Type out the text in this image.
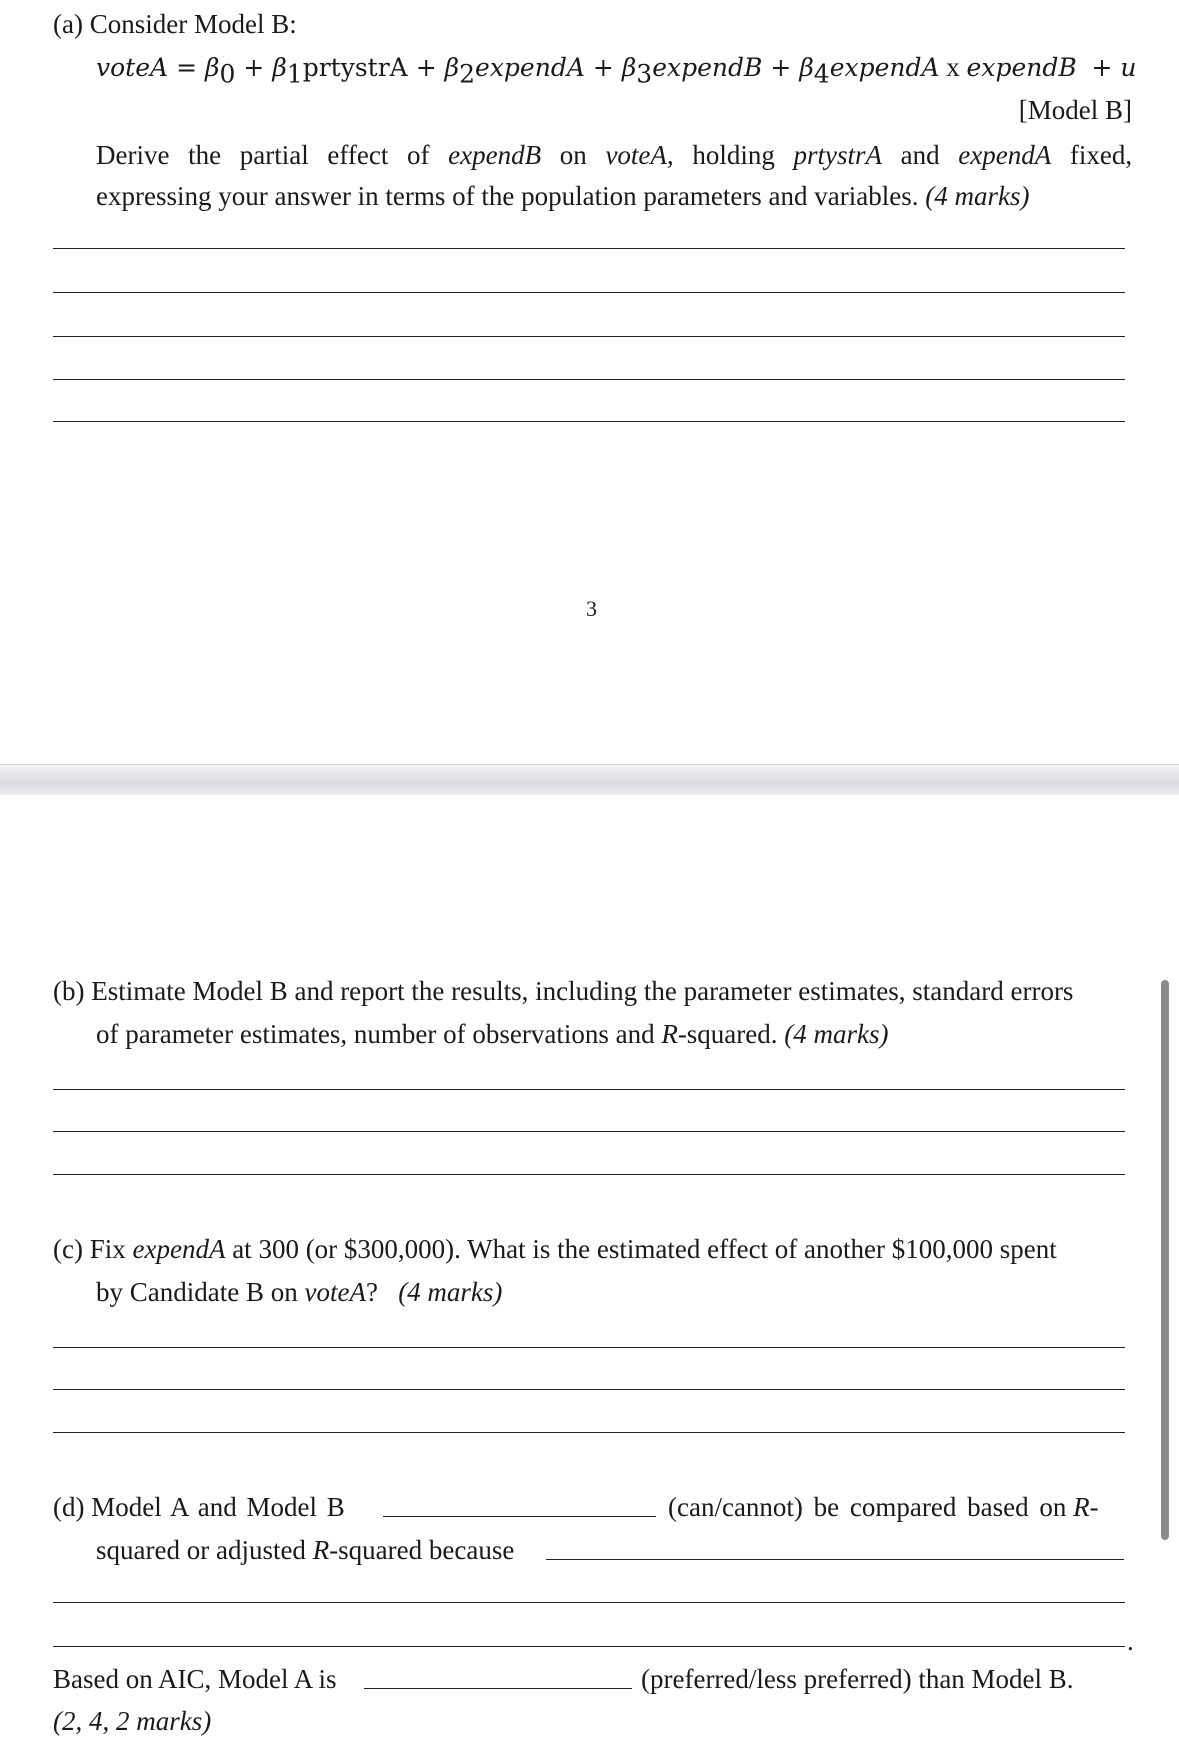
(a) Consider Model B:
voteA = $\beta_0$ + $\beta_1prtystrA$ + $\beta_2expendA$ + $\beta_3expendB$ + $\beta_4expendA$ x expendB + u
[Model B]
Derive the partial effect of expendB on voteA, holding prtystrA and expendA fixed,
expressing your answer in terms of the population parameters and variables. (4 marks)
3
(b) Estimate Model B and report the results, including the parameter estimates, standard errors
of parameter estimates, number of observations and R-squared. (4 marks)
(c) Fix expendA at 300 (or $300,000). What is the estimated effect of another $100,000 spent
by Candidate B on voteA? (4 marks)
(d) Model A and Model B	(can/cannot) be compared based on R-
squared or adjusted R-squared because
.
Based on AIC, Model A is	(preferred/less preferred) than Model B.
(2, 4, 2 marks)
